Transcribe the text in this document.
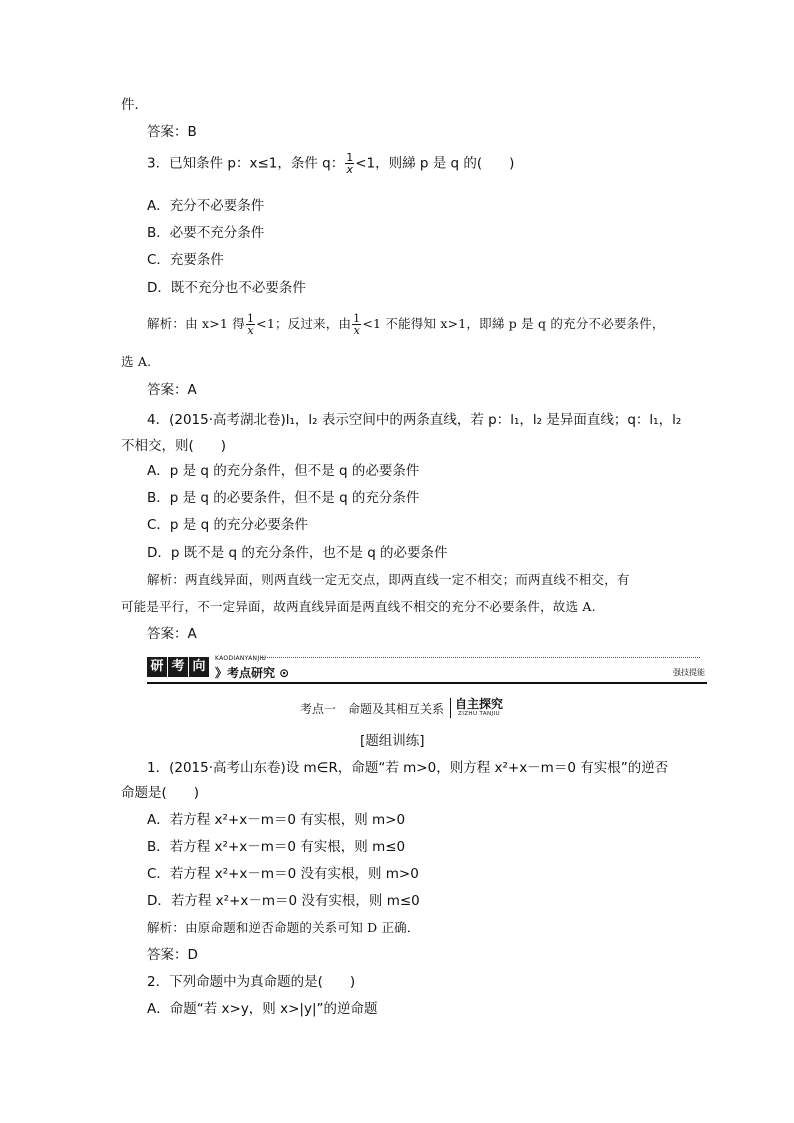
件．
答案：B
3．已知条件 p：x≤1，条件 q： $\frac{1}{x} <1$，则綈 p 是 q 的(　　)
A．充分不必要条件
B．必要不充分条件
C．充要条件
D．既不充分也不必要条件
解析：由 x>1 得 $\frac{1}{x} <1$；反过来，由 $\frac{1}{x} <1$ 不能得知 x>1，即綈 p 是 q 的充分不必要条件，
选 A.
答案：A
4．(2015·高考湖北卷)l₁，l₂ 表示空间中的两条直线，若 p：l₁，l₂ 是异面直线；q：l₁，l₂
不相交，则(　　)
A．p 是 q 的充分条件，但不是 q 的必要条件
B．p 是 q 的必要条件，但不是 q 的充分条件
C．p 是 q 的充分必要条件
D．p 既不是 q 的充分条件，也不是 q 的必要条件
解析：两直线异面，则两直线一定无交点，即两直线一定不相交；而两直线不相交，有
可能是平行，不一定异面，故两直线异面是两直线不相交的充分不必要条件，故选 A.
答案：A
研 考 向
KAODIANYANJIU
》考点研究 ⊙	强技提能
考点一　命题及其相互关系 自主探究
ZIZHU TANJIU
[题组训练]
1．(2015·高考山东卷)设 m∈R，命题“若 m>0，则方程 x²+x－m＝0 有实根”的逆否
命题是(　　)
A．若方程 x²+x－m＝0 有实根，则 m>0
B．若方程 x²+x－m＝0 有实根，则 m≤0
C．若方程 x²+x－m＝0 没有实根，则 m>0
D．若方程 x²+x－m＝0 没有实根，则 m≤0
解析：由原命题和逆否命题的关系可知 D 正确．
答案：D
2．下列命题中为真命题的是(　　)
A．命题“若 x>y，则 x>|y|”的逆命题
